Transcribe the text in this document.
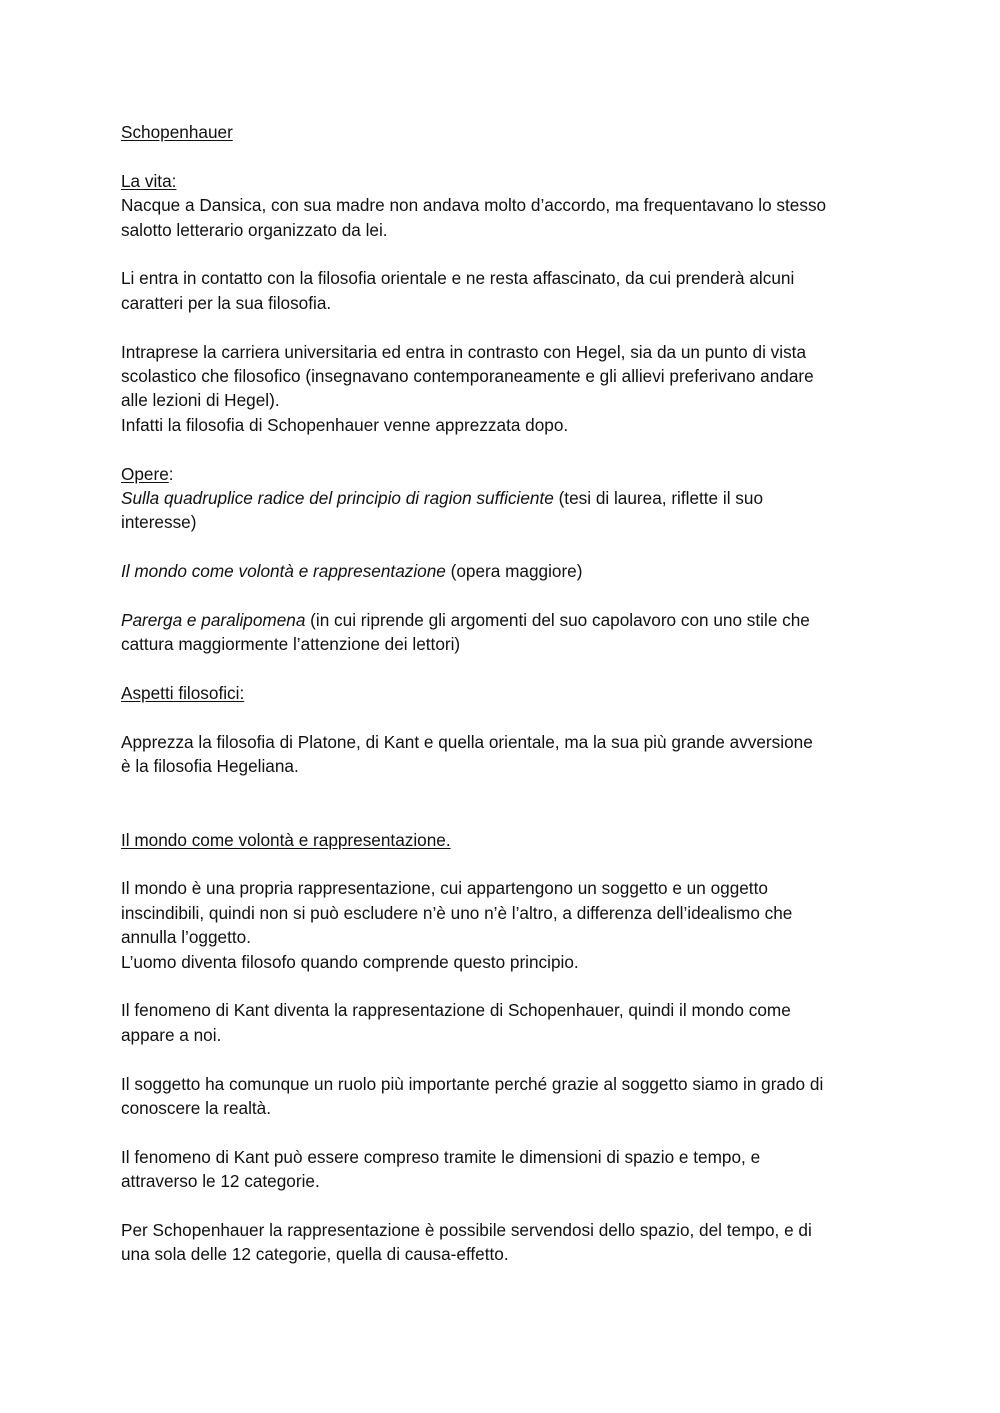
Schopenhauer
La vita:
Nacque a Dansica, con sua madre non andava molto d’accordo, ma frequentavano lo stesso
salotto letterario organizzato da lei.
Li entra in contatto con la filosofia orientale e ne resta affascinato, da cui prenderà alcuni
caratteri per la sua filosofia.
Intraprese la carriera universitaria ed entra in contrasto con Hegel, sia da un punto di vista
scolastico che filosofico (insegnavano contemporaneamente e gli allievi preferivano andare
alle lezioni di Hegel).
Infatti la filosofia di Schopenhauer venne apprezzata dopo.
Opere:
Sulla quadruplice radice del principio di ragion sufficiente (tesi di laurea, riflette il suo
interesse)
Il mondo come volontà e rappresentazione (opera maggiore)
Parerga e paralipomena (in cui riprende gli argomenti del suo capolavoro con uno stile che
cattura maggiormente l’attenzione dei lettori)
Aspetti filosofici:
Apprezza la filosofia di Platone, di Kant e quella orientale, ma la sua più grande avversione
è la filosofia Hegeliana.
Il mondo come volontà e rappresentazione.
Il mondo è una propria rappresentazione, cui appartengono un soggetto e un oggetto
inscindibili, quindi non si può escludere n’è uno n’è l’altro, a differenza dell’idealismo che
annulla l’oggetto.
L’uomo diventa filosofo quando comprende questo principio.
Il fenomeno di Kant diventa la rappresentazione di Schopenhauer, quindi il mondo come
appare a noi.
Il soggetto ha comunque un ruolo più importante perché grazie al soggetto siamo in grado di
conoscere la realtà.
Il fenomeno di Kant può essere compreso tramite le dimensioni di spazio e tempo, e
attraverso le 12 categorie.
Per Schopenhauer la rappresentazione è possibile servendosi dello spazio, del tempo, e di
una sola delle 12 categorie, quella di causa-effetto.
